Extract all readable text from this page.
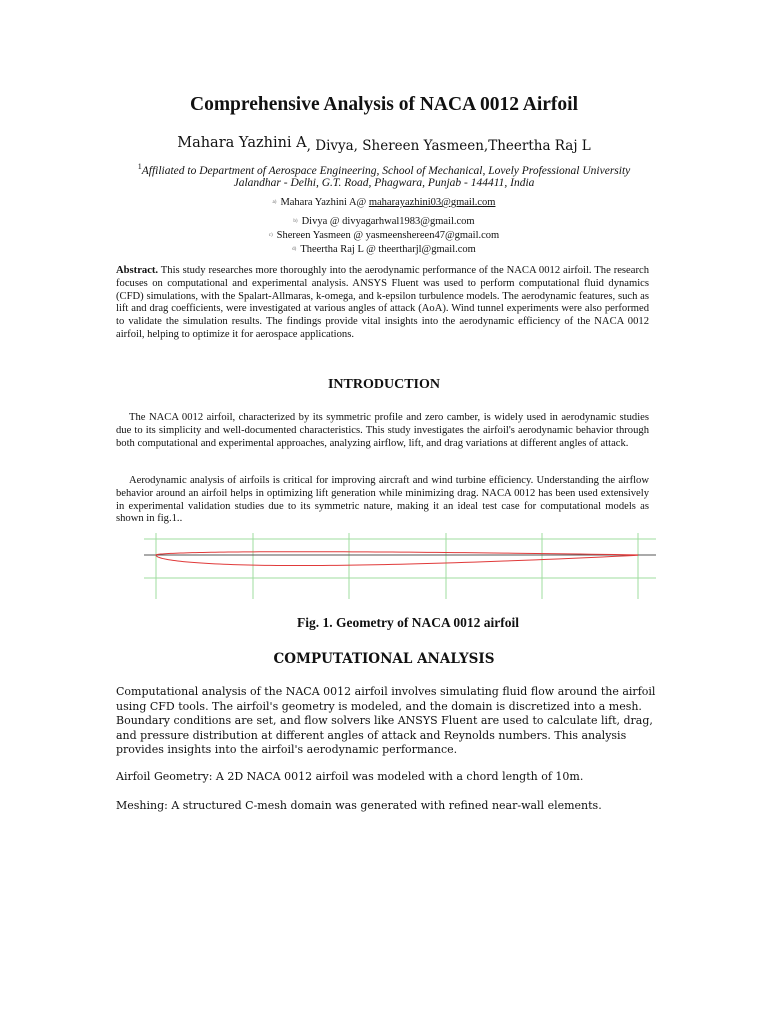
Comprehensive Analysis of NACA 0012 Airfoil
Mahara Yazhini A, Divya, Shereen Yasmeen,Theertha Raj L
$^1$Affiliated to Department of Aerospace Engineering, School of Mechanical, Lovely Professional University
Jalandhar - Delhi, G.T. Road, Phagwara, Punjab - 144411, India
a) Mahara Yazhini A@ maharayazhini03@gmail.com
b) Divya @ divyagarhwal1983@gmail.com
c) Shereen Yasmeen @ yasmeenshereen47@gmail.com
d) Theertha Raj L @ theertharjl@gmail.com
Abstract. This study researches more thoroughly into the aerodynamic performance of the NACA 0012 airfoil. The research focuses on computational and experimental analysis. ANSYS Fluent was used to perform computational fluid dynamics (CFD) simulations, with the Spalart-Allmaras, k-omega, and k-epsilon turbulence models. The aerodynamic features, such as lift and drag coefficients, were investigated at various angles of attack (AoA). Wind tunnel experiments were also performed to validate the simulation results. The findings provide vital insights into the aerodynamic efficiency of the NACA 0012 airfoil, helping to optimize it for aerospace applications.
INTRODUCTION
The NACA 0012 airfoil, characterized by its symmetric profile and zero camber, is widely used in aerodynamic studies due to its simplicity and well-documented characteristics. This study investigates the airfoil's aerodynamic behavior through both computational and experimental approaches, analyzing airflow, lift, and drag variations at different angles of attack.
Aerodynamic analysis of airfoils is critical for improving aircraft and wind turbine efficiency. Understanding the airflow behavior around an airfoil helps in optimizing lift generation while minimizing drag. NACA 0012 has been used extensively in experimental validation studies due to its symmetric nature, making it an ideal test case for computational models as shown in fig.1..
Fig. 1. Geometry of NACA 0012 airfoil
COMPUTATIONAL ANALYSIS
Computational analysis of the NACA 0012 airfoil involves simulating fluid flow around the airfoil
using CFD tools. The airfoil's geometry is modeled, and the domain is discretized into a mesh.
Boundary conditions are set, and flow solvers like ANSYS Fluent are used to calculate lift, drag,
and pressure distribution at different angles of attack and Reynolds numbers. This analysis
provides insights into the airfoil's aerodynamic performance.
Airfoil Geometry: A 2D NACA 0012 airfoil was modeled with a chord length of 10m.
Meshing: A structured C-mesh domain was generated with refined near-wall elements.
